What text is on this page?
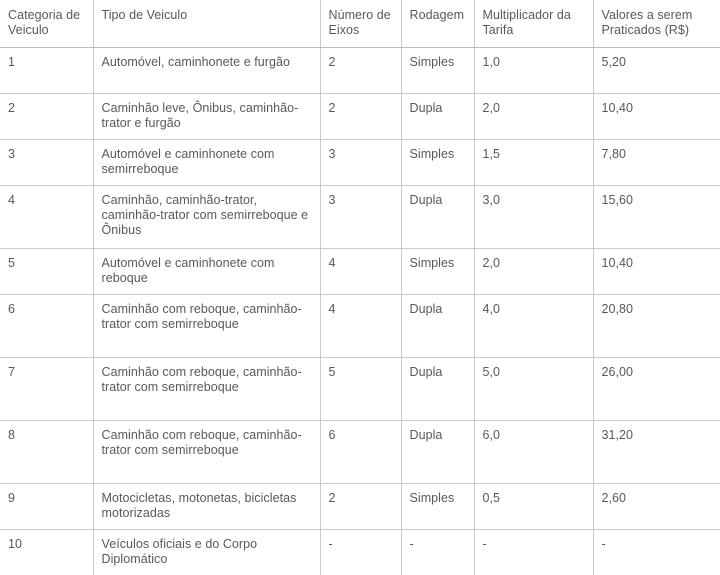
Categoria de Veiculo	Tipo de Veiculo	Número de Eixos	Rodagem	Multiplicador da Tarifa	Valores a serem Praticados (R$)

1	Automóvel, caminhonete e furgão	2	Simples	1,0	5,20

2	Caminhão leve, Ônibus, caminhão-trator e furgão	2	Dupla	2,0	10,40

3	Automóvel e caminhonete com semirreboque	3	Simples	1,5	7,80

4	Caminhão, caminhão-trator, caminhão-trator com semirreboque e Ônibus	3	Dupla	3,0	15,60

5	Automóvel e caminhonete com reboque	4	Simples	2,0	10,40

6	Caminhão com reboque, caminhão-trator com semirreboque	4	Dupla	4,0	20,80

7	Caminhão com reboque, caminhão-trator com semirreboque	5	Dupla	5,0	26,00

8	Caminhão com reboque, caminhão-trator com semirreboque	6	Dupla	6,0	31,20

9	Motocicletas, motonetas, bicicletas motorizadas	2	Simples	0,5	2,60

10	Veículos oficiais e do Corpo Diplomático	-	-	-	-
